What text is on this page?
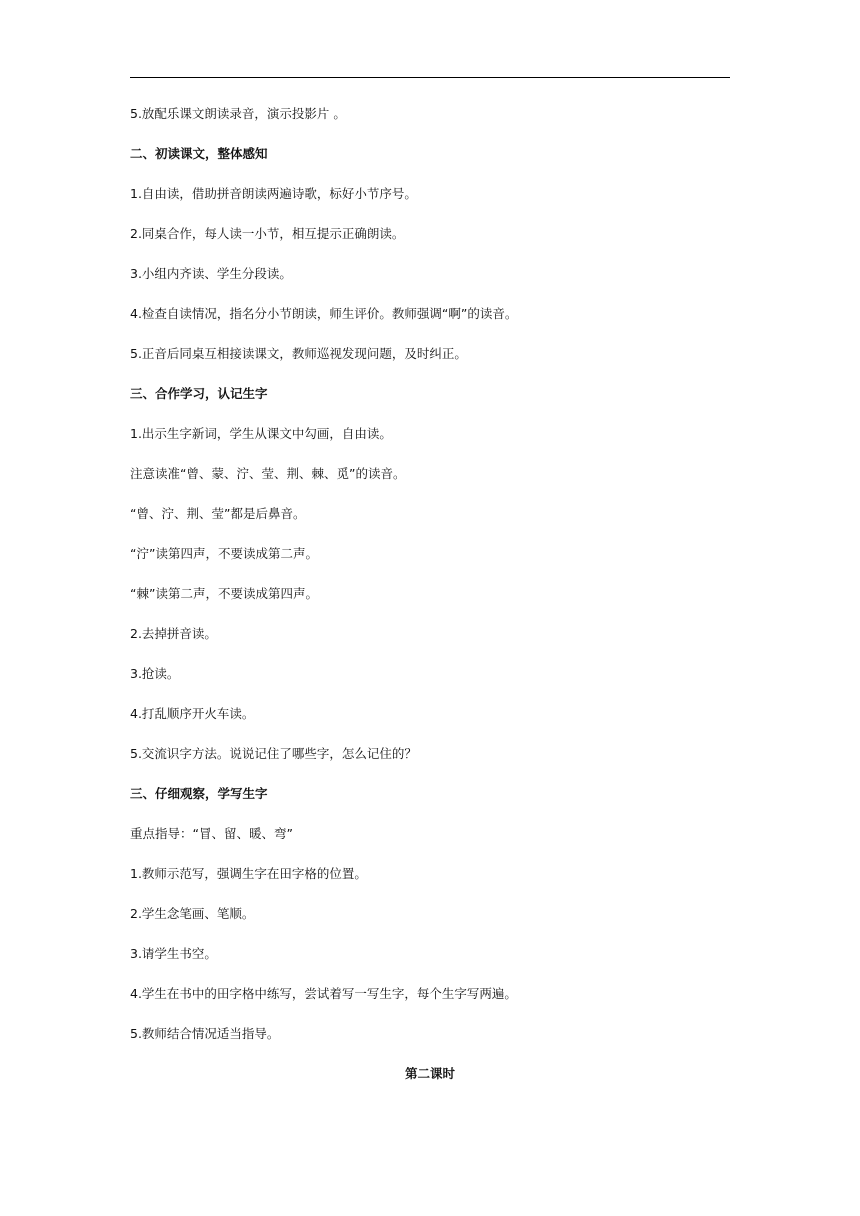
5.放配乐课文朗读录音，演示投影片 。
二、初读课文，整体感知
1.自由读，借助拼音朗读两遍诗歌，标好小节序号。
2.同桌合作，每人读一小节，相互提示正确朗读。
3.小组内齐读、学生分段读。
4.检查自读情况，指名分小节朗读，师生评价。教师强调“啊”的读音。
5.正音后同桌互相接读课文，教师巡视发现问题，及时纠正。
三、合作学习，认记生字
1.出示生字新词，学生从课文中勾画，自由读。
注意读准“曾、蒙、泞、莹、荆、棘、觅”的读音。
“曾、泞、荆、莹”都是后鼻音。
“泞”读第四声，不要读成第二声。
“棘”读第二声，不要读成第四声。
2.去掉拼音读。
3.抢读。
4.打乱顺序开火车读。
5.交流识字方法。说说记住了哪些字，怎么记住的？
三、仔细观察，学写生字
重点指导：“冒、留、暖、弯”
1.教师示范写，强调生字在田字格的位置。
2.学生念笔画、笔顺。
3.请学生书空。
4.学生在书中的田字格中练写，尝试着写一写生字，每个生字写两遍。
5.教师结合情况适当指导。
第二课时
